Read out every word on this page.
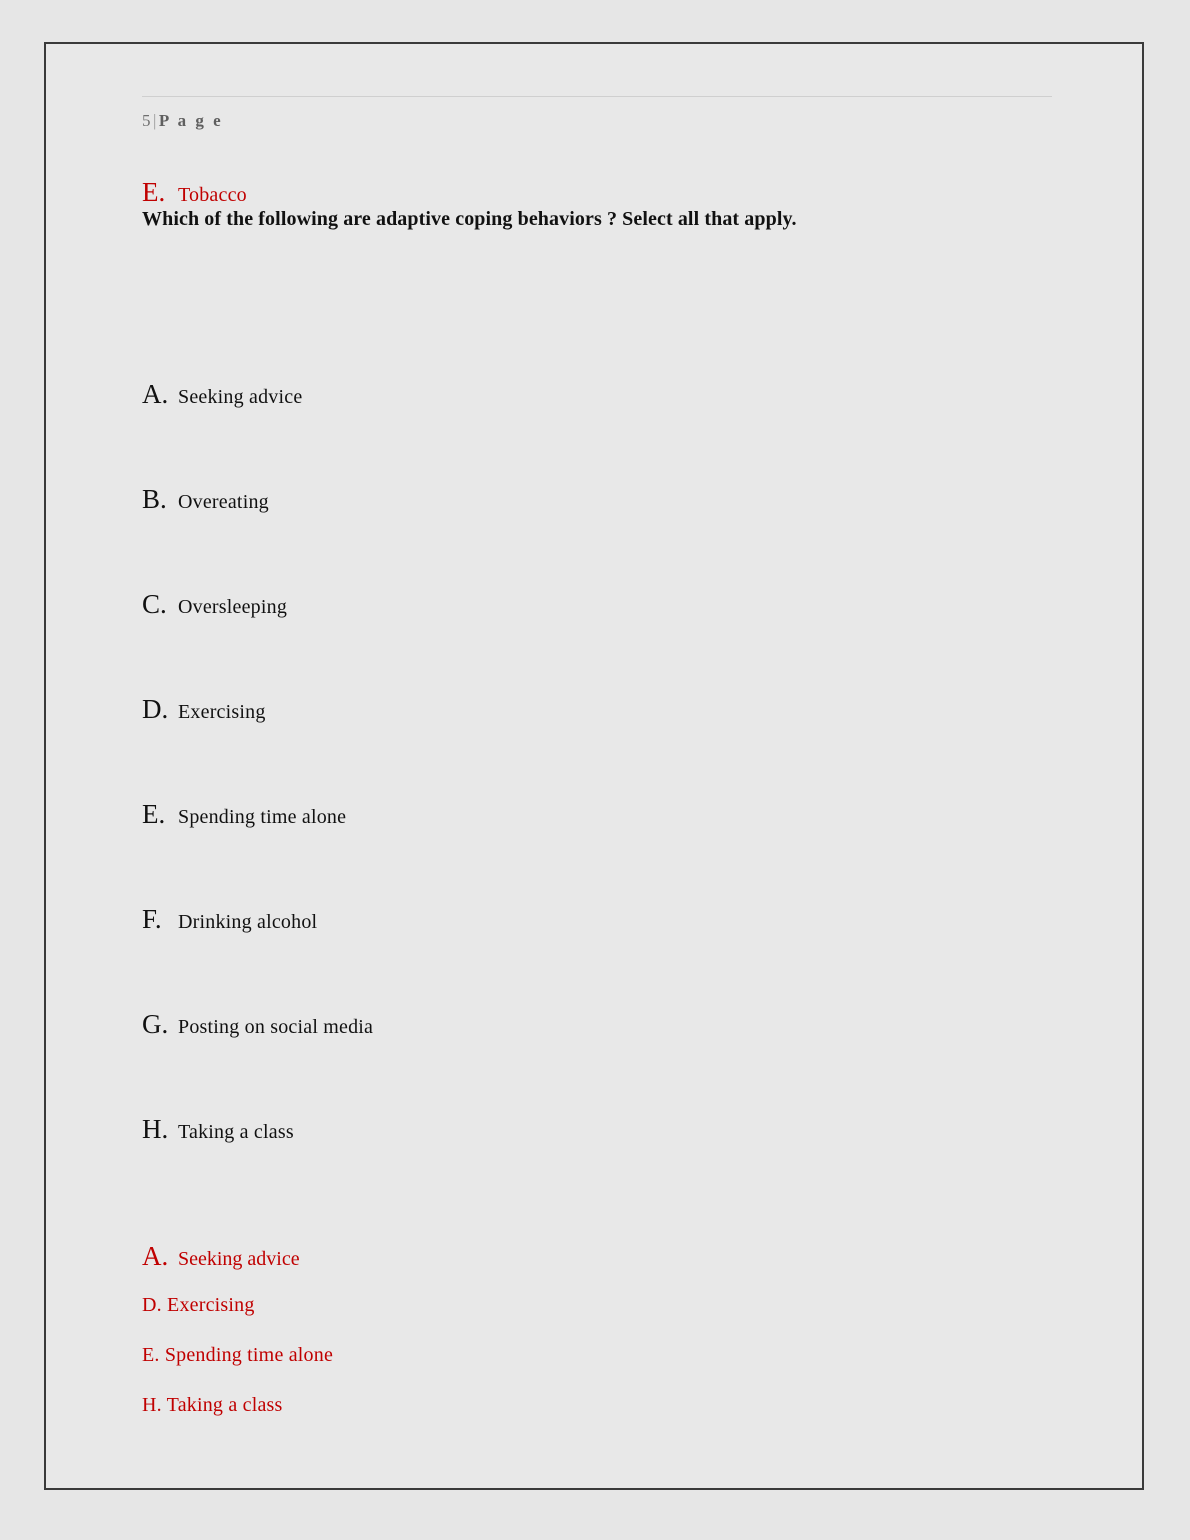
5 | P a g e
E. Tobacco
Which of the following are adaptive coping behaviors ? Select all that apply.
A. Seeking advice
B. Overeating
C. Oversleeping
D. Exercising
E. Spending time alone
F. Drinking alcohol
G. Posting on social media
H. Taking a class
A. Seeking advice
D. Exercising
E. Spending time alone
H. Taking a class
